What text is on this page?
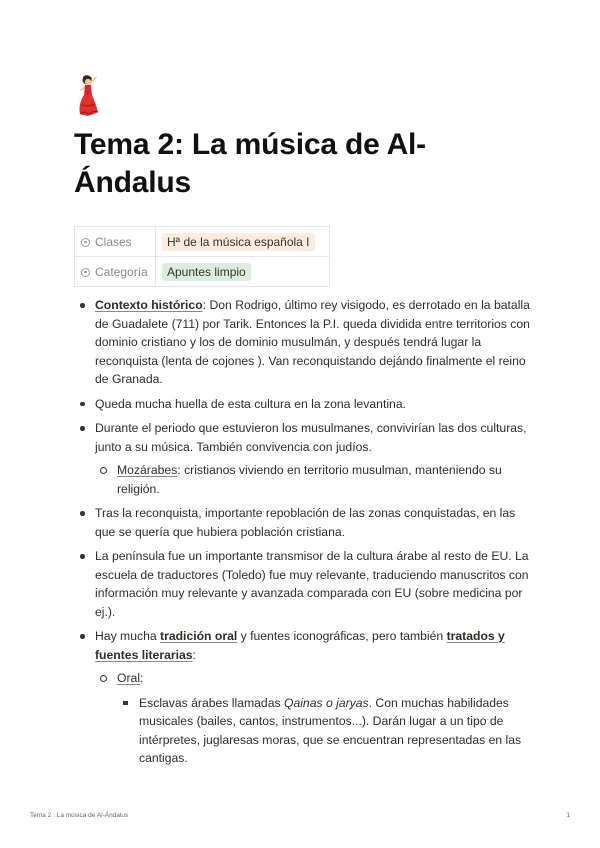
Tema 2: La música de Al-Ándalus
Clases	Hª de la música española I
Categoría	Apuntes limpio
Contexto histórico: Don Rodrigo, último rey visigodo, es derrotado en la batalla de Guadalete (711) por Tarik. Entonces la P.I. queda dividida entre territorios con dominio cristiano y los de dominio musulmán, y después tendrá lugar la reconquista (lenta de cojones ). Van reconquistando dejándo finalmente el reino de Granada.
Queda mucha huella de esta cultura en la zona levantina.
Durante el periodo que estuvieron los musulmanes, convivirían las dos culturas, junto a su música. También convivencia con judíos.
Mozárabes: cristianos viviendo en territorio musulman, manteniendo su religión.
Tras la reconquista, importante repoblación de las zonas conquistadas, en las que se quería que hubiera población cristiana.
La península fue un importante transmisor de la cultura árabe al resto de EU. La escuela de traductores (Toledo) fue muy relevante, traduciendo manuscritos con información muy relevante y avanzada comparada con EU (sobre medicina por ej.).
Hay mucha tradición oral y fuentes iconográficas, pero también tratados y fuentes literarias:
Oral:
Esclavas árabes llamadas Qainas o jaryas. Con muchas habilidades musicales (bailes, cantos, instrumentos...). Darán lugar a un tipo de intérpretes, juglaresas moras, que se encuentran representadas en las cantigas.
Tema 2 : La música de Al-Ándalus	1
